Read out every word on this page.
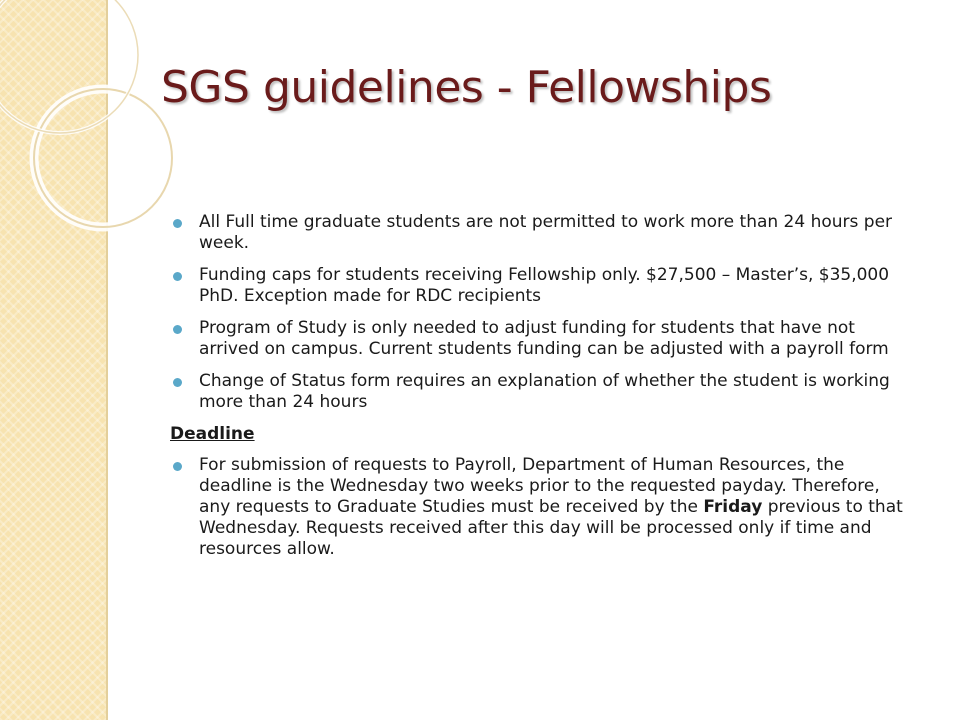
SGS guidelines - Fellowships
All Full time graduate students are not permitted to work more than 24 hours per week.
Funding caps for students receiving Fellowship only. $27,500 – Master’s, $35,000 PhD. Exception made for RDC recipients
Program of Study is only needed to adjust funding for students that have not arrived on campus. Current students funding can be adjusted with a payroll form
Change of Status form requires an explanation of whether the student is working more than 24 hours
Deadline
For submission of requests to Payroll, Department of Human Resources, the deadline is the Wednesday two weeks prior to the requested payday. Therefore, any requests to Graduate Studies must be received by the Friday previous to that Wednesday. Requests received after this day will be processed only if time and resources allow.
